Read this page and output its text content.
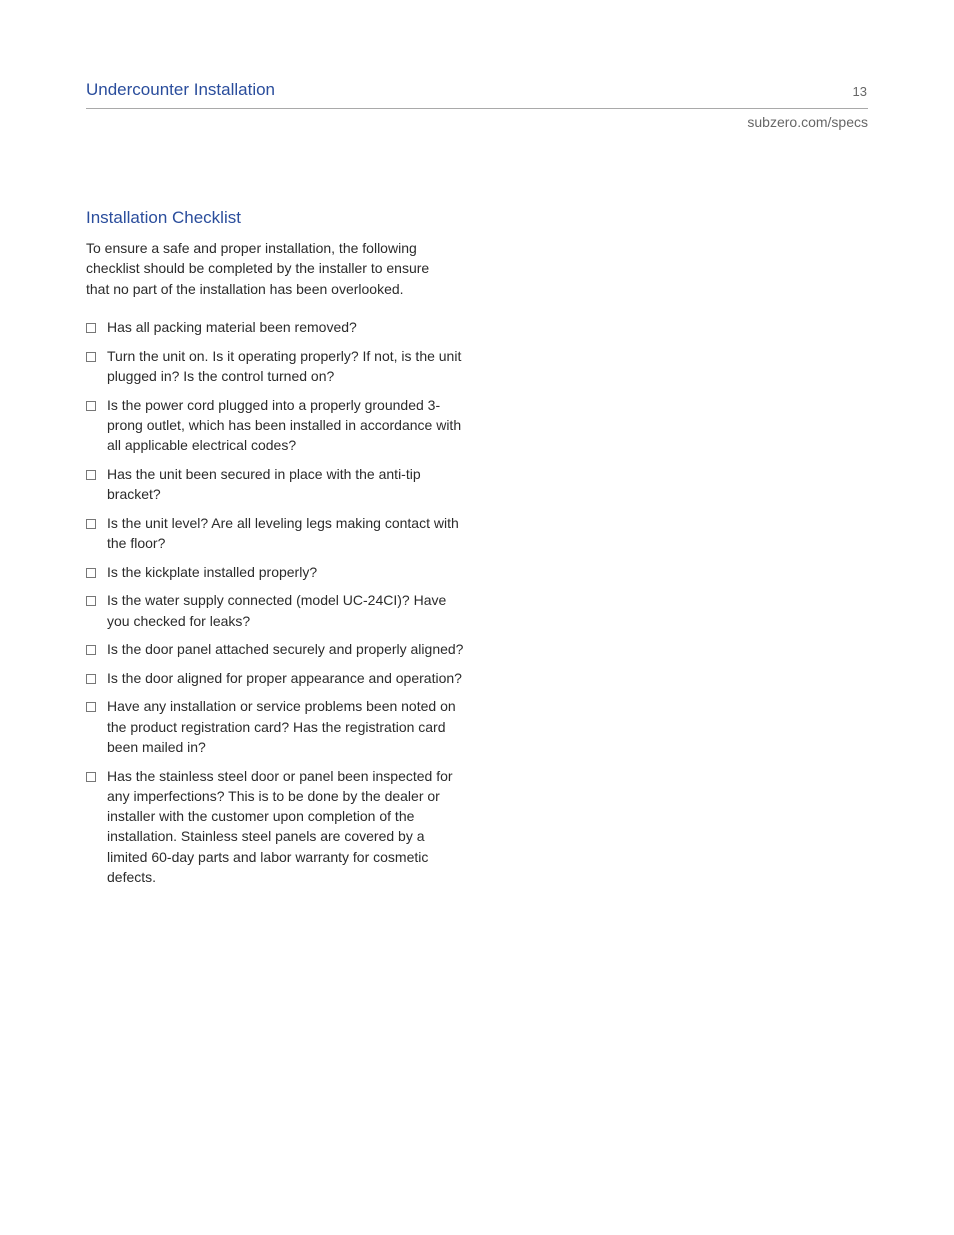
Undercounter Installation	13
subzero.com/specs
Installation Checklist

To ensure a safe and proper installation, the following checklist should be completed by the installer to ensure that no part of the installation has been overlooked.

Has all packing material been removed?
Turn the unit on. Is it operating properly? If not, is the unit plugged in? Is the control turned on?
Is the power cord plugged into a properly grounded 3-prong outlet, which has been installed in accordance with all applicable electrical codes?
Has the unit been secured in place with the anti-tip bracket?
Is the unit level? Are all leveling legs making contact with the floor?
Is the kickplate installed properly?
Is the water supply connected (model UC-24CI)? Have you checked for leaks?
Is the door panel attached securely and properly aligned?
Is the door aligned for proper appearance and operation?
Have any installation or service problems been noted on the product registration card? Has the registration card been mailed in?
Has the stainless steel door or panel been inspected for any imperfections? This is to be done by the dealer or installer with the customer upon completion of the installation. Stainless steel panels are covered by a limited 60-day parts and labor warranty for cosmetic defects.
